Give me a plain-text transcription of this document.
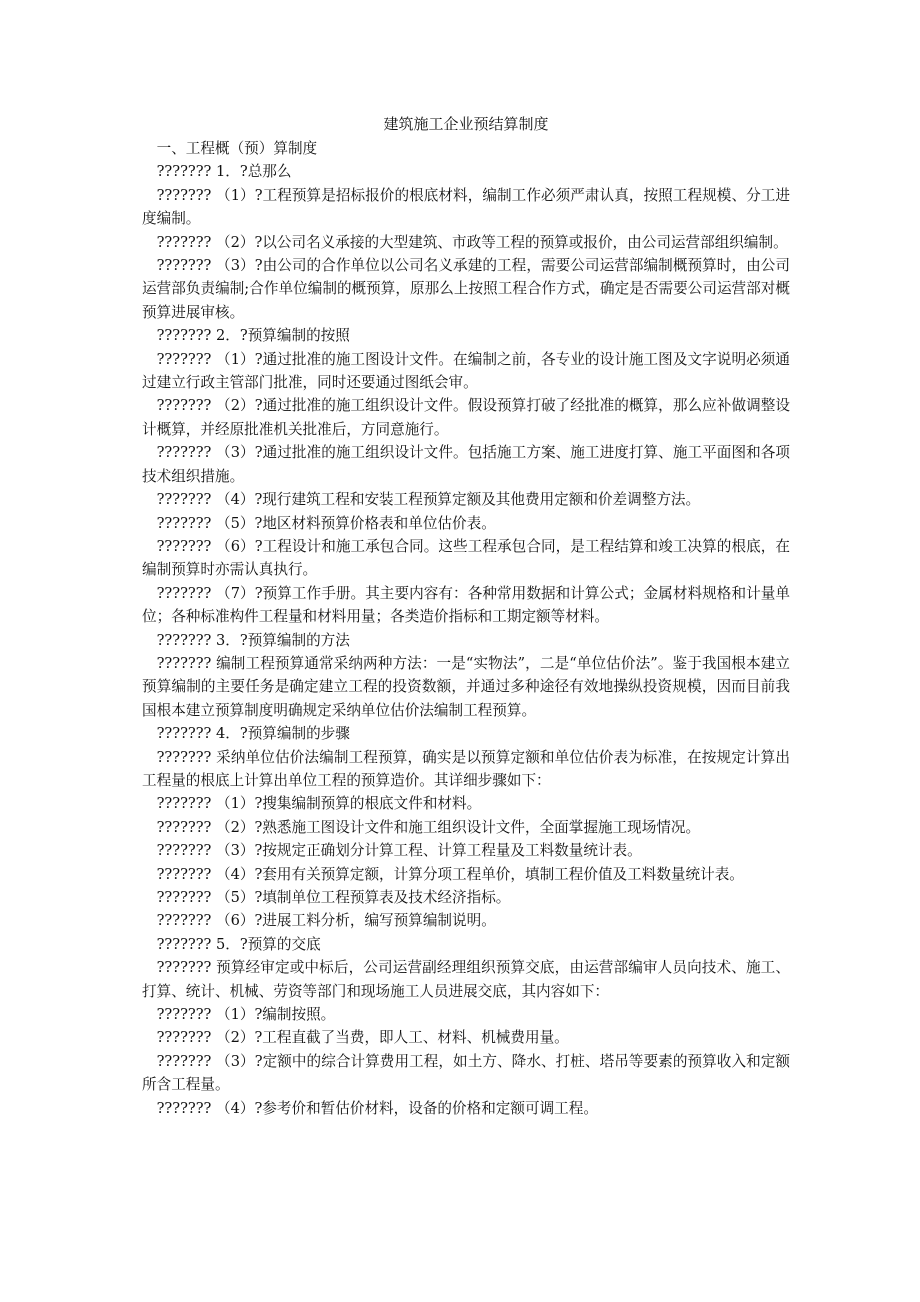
建筑施工企业预结算制度

一、工程概（预）算制度

??????? 1．?总那么

??????? （1）?工程预算是招标报价的根底材料，编制工作必须严肃认真，按照工程规模、分工进度编制。

??????? （2）?以公司名义承接的大型建筑、市政等工程的预算或报价，由公司运营部组织编制。

??????? （3）?由公司的合作单位以公司名义承建的工程，需要公司运营部编制概预算时，由公司运营部负责编制;合作单位编制的概预算，原那么上按照工程合作方式，确定是否需要公司运营部对概预算进展审核。

??????? 2．?预算编制的按照

??????? （1）?通过批准的施工图设计文件。在编制之前，各专业的设计施工图及文字说明必须通过建立行政主管部门批准，同时还要通过图纸会审。

??????? （2）?通过批准的施工组织设计文件。假设预算打破了经批准的概算，那么应补做调整设计概算，并经原批准机关批准后，方同意施行。

??????? （3）?通过批准的施工组织设计文件。包括施工方案、施工进度打算、施工平面图和各项技术组织措施。

??????? （4）?现行建筑工程和安装工程预算定额及其他费用定额和价差调整方法。

??????? （5）?地区材料预算价格表和单位估价表。

??????? （6）?工程设计和施工承包合同。这些工程承包合同，是工程结算和竣工决算的根底，在编制预算时亦需认真执行。

??????? （7）?预算工作手册。其主要内容有：各种常用数据和计算公式；金属材料规格和计量单位；各种标准构件工程量和材料用量；各类造价指标和工期定额等材料。

??????? 3．?预算编制的方法

??????? 编制工程预算通常采纳两种方法：一是“实物法”，二是“单位估价法”。鉴于我国根本建立预算编制的主要任务是确定建立工程的投资数额，并通过多种途径有效地操纵投资规模，因而目前我国根本建立预算制度明确规定采纳单位估价法编制工程预算。

??????? 4．?预算编制的步骤

??????? 采纳单位估价法编制工程预算，确实是以预算定额和单位估价表为标准，在按规定计算出工程量的根底上计算出单位工程的预算造价。其详细步骤如下：

??????? （1）?搜集编制预算的根底文件和材料。

??????? （2）?熟悉施工图设计文件和施工组织设计文件，全面掌握施工现场情况。

??????? （3）?按规定正确划分计算工程、计算工程量及工料数量统计表。

??????? （4）?套用有关预算定额，计算分项工程单价，填制工程价值及工料数量统计表。

??????? （5）?填制单位工程预算表及技术经济指标。

??????? （6）?进展工料分析，编写预算编制说明。

??????? 5．?预算的交底

??????? 预算经审定或中标后，公司运营副经理组织预算交底，由运营部编审人员向技术、施工、打算、统计、机械、劳资等部门和现场施工人员进展交底，其内容如下：

??????? （1）?编制按照。

??????? （2）?工程直截了当费，即人工、材料、机械费用量。

??????? （3）?定额中的综合计算费用工程，如土方、降水、打桩、塔吊等要素的预算收入和定额所含工程量。

??????? （4）?参考价和暂估价材料，设备的价格和定额可调工程。
